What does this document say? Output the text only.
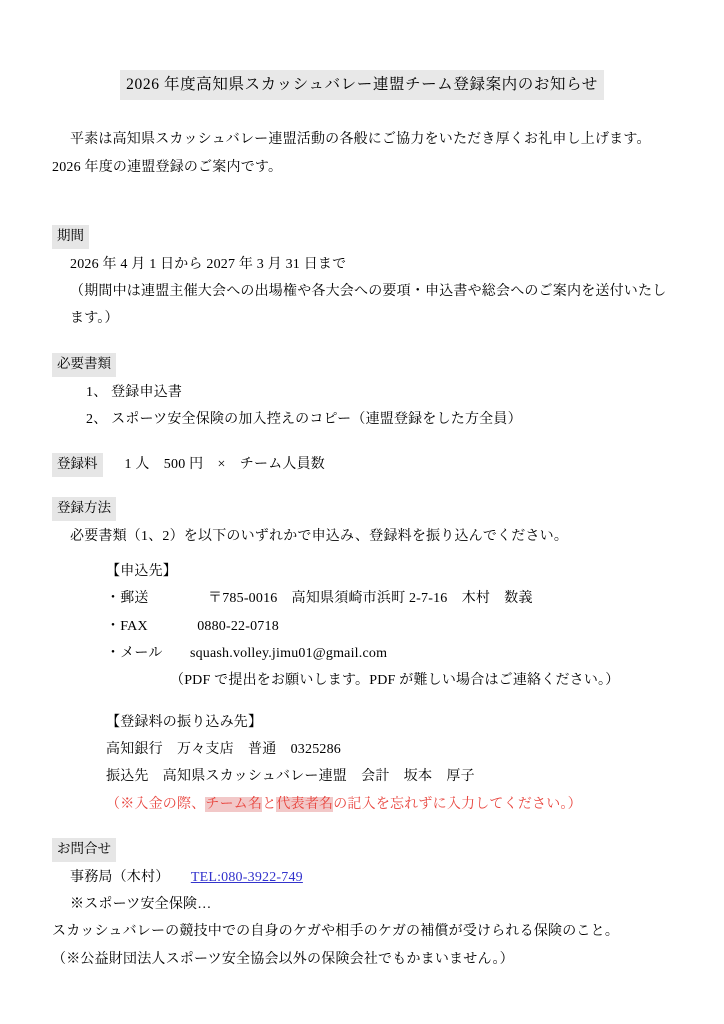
2026 年度高知県スカッシュバレー連盟チーム登録案内のお知らせ
平素は高知県スカッシュバレー連盟活動の各般にご協力をいただき厚くお礼申し上げます。
2026 年度の連盟登録のご案内です。
期間
2026 年 4 月 1 日から 2027 年 3 月 31 日まで
（期間中は連盟主催大会への出場権や各大会への要項・申込書や総会へのご案内を送付いたします。）
必要書類
1、 登録申込書
2、 スポーツ安全保険の加入控えのコピー（連盟登録をした方全員）
登録料	1 人　500 円　×　チーム人員数
登録方法
必要書類（1、2）を以下のいずれかで申込み、登録料を振り込んでください。
【申込先】
・郵送	〒785-0016　高知県須崎市浜町 2-7-16　木村　数義
・FAX	0880-22-0718
・メール squash.volley.jimu01@gmail.com
（PDF で提出をお願いします。PDF が難しい場合はご連絡ください。）
【登録料の振り込み先】
高知銀行　万々支店　普通　0325286
振込先　高知県スカッシュバレー連盟　会計　坂本　厚子
（※入金の際、チーム名と代表者名の記入を忘れずに入力してください。）
お問合せ
事務局（木村） TEL:080-3922-749
※スポーツ安全保険…
スカッシュバレーの競技中での自身のケガや相手のケガの補償が受けられる保険のこと。
（※公益財団法人スポーツ安全協会以外の保険会社でもかまいません。）
